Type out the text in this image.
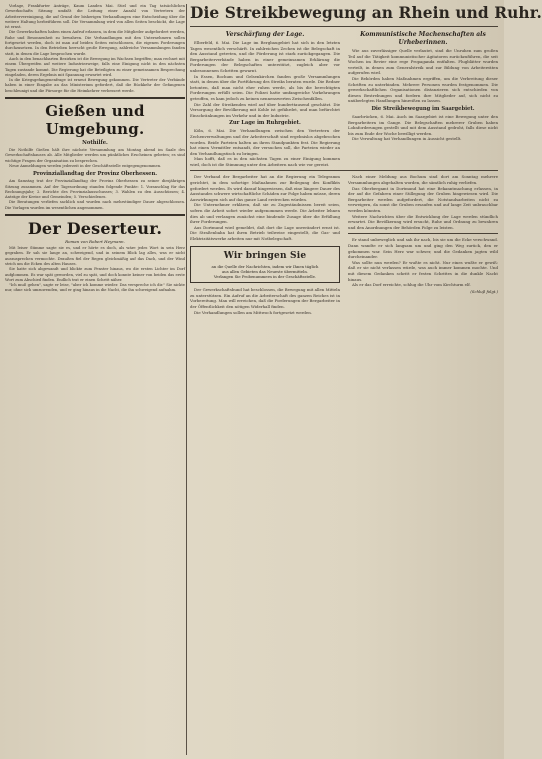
Vorlage, Frankfurter Anträge, Kaum Landen Mai. Stiel und ein Tag tatsächlichen Gewerkschafts Sitzung umfaßt die Leitung einer Anzahl von Vertretern der Arbeitervereinigung, die auf Grund der bisherigen Verhandlungen eine Entscheidung über die weitere Haltung herbeiführen soll. Die Versammlung wird von allen Seiten beschickt, die Lage ist ernst.

Die Gewerkschaften haben einen Aufruf erlassen, in dem die Mitglieder aufgefordert werden, Ruhe und Besonnenheit zu bewahren. Die Verhandlungen mit den Unternehmern sollen fortgesetzt werden, doch ist man auf beiden Seiten entschlossen, die eigenen Forderungen durchzusetzen. In den Betrieben herrscht große Erregung, zahlreiche Versammlungen fanden statt, in denen die Lage besprochen wurde.

Auch in den benachbarten Bezirken ist die Bewegung im Wachsen begriffen; man rechnet mit einem Übergreifen auf weitere Industriezweige, falls eine Einigung nicht in den nächsten Tagen zustande kommt. Die Regierung hat die Beteiligten zu einer gemeinsamen Besprechung eingeladen, deren Ergebnis mit Spannung erwartet wird.

In die Kriegsgefangenenfrage ist erneut Bewegung gekommen. Die Vertreter der Verbände haben in einer Eingabe an das Ministerium gefordert, daß die Rückkehr der Gefangenen beschleunigt und die Fürsorge für die Heimkehrer verbessert werde.

Gießen und Umgebung.
Nothilfe.

Die Nothilfe Gießen hält ihre nächste Versammlung am Montag abend im Saale des Gewerkschaftshauses ab. Alle Mitglieder werden um pünktliches Erscheinen gebeten; es sind wichtige Fragen der Organisation zu besprechen.

Neue Anmeldungen werden jederzeit in der Geschäftsstelle entgegengenommen.

Provinziallandtag der Provinz Oberhessen.

Am Samstag trat der Provinziallandtag der Provinz Oberhessen zu seiner diesjährigen Sitzung zusammen. Auf der Tagesordnung standen folgende Punkte: 1. Voranschlag für das Rechnungsjahr; 2. Berichte des Provinzialausschusses; 3. Wahlen zu den Ausschüssen; 4. Anträge der Kreise und Gemeinden; 5. Verschiedenes.

Die Beratungen verliefen sachlich und wurden nach mehrstündiger Dauer abgeschlossen. Die Vorlagen wurden im wesentlichen angenommen.

Der Deserteur.

Roman von Robert Heymann.

Mit leiser Stimme sagte sie es, und er hörte es doch, als wäre jedes Wort in sein Herz gegraben. Er sah sie lange an, schweigend, und in seinem Blick lag alles, was er nicht auszusprechen vermochte. Draußen fiel der Regen gleichmäßig auf das Dach, und der Wind strich um die Ecken des alten Hauses.

Sie hatte sich abgewandt und blickte zum Fenster hinaus, wo die ersten Lichter im Dorf aufglommen. Es war spät geworden, viel zu spät, und doch konnte keiner von beiden das erste Wort zum Abschied finden. Endlich trat er einen Schritt näher.

"Ich muß gehen", sagte er leise, "aber ich komme wieder. Das verspreche ich dir." Sie nickte nur, ohne sich umzuwenden, und er ging hinaus in die Nacht, die ihn schweigend aufnahm.

Die Streikbewegung an Rhein und Ruhr.
Verschärfung der Lage.

Elberfeld, 6. Mai. Die Lage im Bergbaugebiet hat sich in den letzten Tagen wesentlich verschärft. In zahlreichen Zechen ist die Belegschaft in den Ausstand getreten, und die Förderung ist stark zurückgegangen. Die Bergarbeiterverbände haben in einer gemeinsamen Erklärung die Forderungen der Belegschaften unterstützt, zugleich aber vor unbesonnenen Schritten gewarnt.

In Essen, Bochum und Gelsenkirchen fanden große Versammlungen statt, in denen über die Fortführung des Streiks beraten wurde. Die Redner betonten, daß man nicht eher ruhen werde, als bis die berechtigten Forderungen erfüllt seien. Die Polizei hatte umfangreiche Vorkehrungen getroffen, es kam jedoch zu keinen nennenswerten Zwischenfällen.

Die Zahl der Streikenden wird auf über hunderttausend geschätzt. Die Versorgung der Bevölkerung mit Kohle ist gefährdet, und man befürchtet Einschränkungen im Verkehr und in der Industrie.

Zur Lage im Ruhrgebiet.

Köln, 6. Mai. Die Verhandlungen zwischen den Vertretern der Zechenverwaltungen und der Arbeiterschaft sind ergebnislos abgebrochen worden. Beide Parteien halten an ihren Standpunkten fest. Die Regierung hat einen Vermittler entsandt, der versuchen soll, die Parteien wieder an den Verhandlungstisch zu bringen.

Man hofft, daß es in den nächsten Tagen zu einer Einigung kommen wird, doch ist die Stimmung unter den Arbeitern nach wie vor gereizt.

Kommunistische Machenschaften als Urheberinnen.

Wie aus zuverlässiger Quelle verlautet, sind die Unruhen zum großen Teil auf die Tätigkeit kommunistischer Agitatoren zurückzuführen, die seit Wochen im Revier eine rege Propaganda entfalten. Flugblätter wurden verteilt, in denen zum Generalstreik und zur Bildung von Arbeiterräten aufgerufen wird.

Die Behörden haben Maßnahmen ergriffen, um die Verbreitung dieser Schriften zu unterbinden. Mehrere Personen wurden festgenommen. Die gewerkschaftlichen Organisationen distanzieren sich entschieden von diesen Bestrebungen und fordern ihre Mitglieder auf, sich nicht zu unüberlegten Handlungen hinreißen zu lassen.

Die Streikbewegung im Saargebiet.

Saarbrücken, 6. Mai. Auch im Saargebiet ist eine Bewegung unter den Bergarbeitern im Gange. Die Belegschaften mehrerer Gruben haben Lohnforderungen gestellt und mit dem Ausstand gedroht, falls diese nicht bis zum Ende der Woche bewilligt werden.

Die Verwaltung hat Verhandlungen in Aussicht gestellt.

Der Verband der Bergarbeiter hat an die Regierung ein Telegramm gerichtet, in dem sofortige Maßnahmen zur Beilegung des Konflikts gefordert werden. Es wird darauf hingewiesen, daß eine längere Dauer des Ausstandes schwere wirtschaftliche Schäden zur Folge haben müsse, deren Auswirkungen sich auf das ganze Land erstrecken würden.

Die Unternehmer erklären, daß sie zu Zugeständnissen bereit seien, sofern die Arbeit sofort wieder aufgenommen werde. Die Arbeiter lehnen dies ab und verlangen zunächst eine bindende Zusage über die Erfüllung ihrer Forderungen.

Aus Dortmund wird gemeldet, daß dort die Lage unverändert ernst ist. Die Straßenbahn hat ihren Betrieb teilweise eingestellt, die Gas- und Elektrizitätswerke arbeiten nur mit Notbelegschaft.

Wir bringen Sie

an die Quelle der Nachrichten, indem wir Ihnen täglich

aus allen Gebieten das Neueste übermitteln.

Verlangen Sie Probenummern in der Geschäftsstelle.

Der Gewerkschaftsbund hat beschlossen, die Bewegung mit allen Mitteln zu unterstützen. Ein Aufruf an die Arbeiterschaft des ganzen Reiches ist in Vorbereitung. Man will erreichen, daß die Forderungen der Bergarbeiter in der Öffentlichkeit den nötigen Widerhall finden.

Die Verhandlungen sollen am Mittwoch fortgesetzt werden.

Nach einer Meldung aus Bochum sind dort am Sonntag mehrere Versammlungen abgehalten worden, die sämtlich ruhig verliefen.

Das Oberbergamt in Dortmund hat eine Bekanntmachung erlassen, in der auf die Gefahren einer Stillegung der Gruben hingewiesen wird. Die Bergarbeiter werden aufgefordert, die Notstandsarbeiten nicht zu verweigern, da sonst die Gruben ersaufen und auf lange Zeit unbrauchbar werden könnten.

Weitere Nachrichten über die Entwicklung der Lage werden stündlich erwartet. Die Bevölkerung wird ersucht, Ruhe und Ordnung zu bewahren und den Anordnungen der Behörden Folge zu leisten.

Er stand unbeweglich und sah ihr nach, bis sie um die Ecke verschwand. Dann wandte er sich langsam um und ging den Weg zurück, den er gekommen war. Sein Herz war schwer, und die Gedanken jagten wild durcheinander.

Was sollte nun werden? Er wußte es nicht. Nur eines wußte er gewiß: daß er sie nicht verlassen würde, was auch immer kommen mochte. Und mit diesem Gedanken schritt er festen Schrittes in die dunkle Nacht hinaus.

Als er das Dorf erreichte, schlug die Uhr vom Kirchturm elf.

(Schluß folgt.)
